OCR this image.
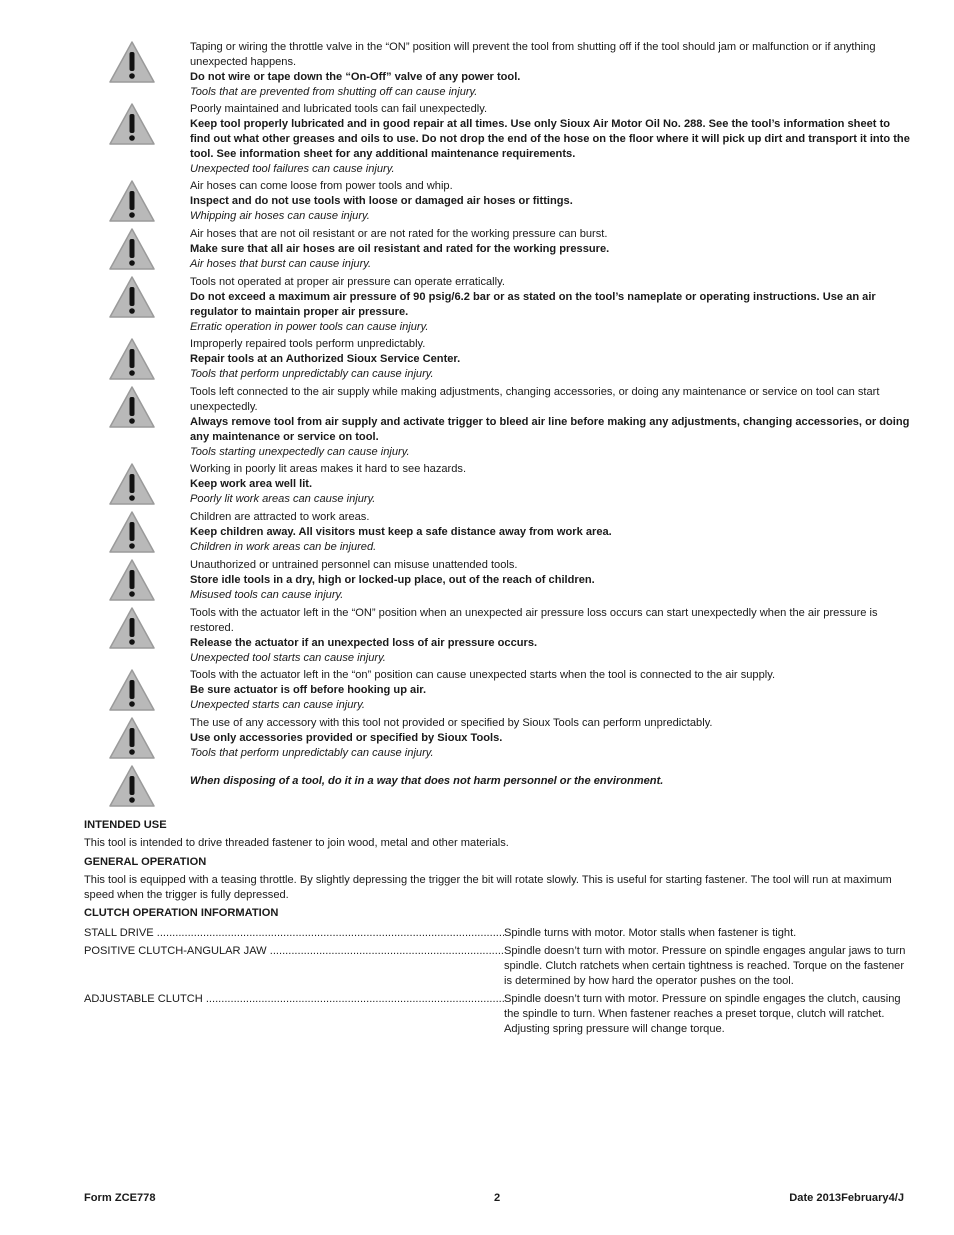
Taping or wiring the throttle valve in the “ON” position will prevent the tool from shutting off if the tool should jam or malfunction or if anything unexpected happens.
Do not wire or tape down the “On-Off” valve of any power tool.
Tools that are prevented from shutting off can cause injury.
Poorly maintained and lubricated tools can fail unexpectedly.
Keep tool properly lubricated and in good repair at all times. Use only Sioux Air Motor Oil No. 288. See the tool’s information sheet to find out what other greases and oils to use. Do not drop the end of the hose on the floor where it will pick up dirt and transport it into the tool. See information sheet for any additional maintenance requirements.
Unexpected tool failures can cause injury.
Air hoses can come loose from power tools and whip.
Inspect and do not use tools with loose or damaged air hoses or fittings.
Whipping air hoses can cause injury.
Air hoses that are not oil resistant or are not rated for the working pressure can burst.
Make sure that all air hoses are oil resistant and rated for the working pressure.
Air hoses that burst can cause injury.
Tools not operated at proper air pressure can operate erratically.
Do not exceed a maximum air pressure of 90 psig/6.2 bar or as stated on the tool’s nameplate or operating instructions. Use an air regulator to maintain proper air pressure.
Erratic operation in power tools can cause injury.
Improperly repaired tools perform unpredictably.
Repair tools at an Authorized Sioux Service Center.
Tools that perform unpredictably can cause injury.
Tools left connected to the air supply while making adjustments, changing accessories, or doing any maintenance or service on tool can start unexpectedly.
Always remove tool from air supply and activate trigger to bleed air line before making any adjustments, changing accessories, or doing any maintenance or service on tool.
Tools starting unexpectedly can cause injury.
Working in poorly lit areas makes it hard to see hazards.
Keep work area well lit.
Poorly lit work areas can cause injury.
Children are attracted to work areas.
Keep children away. All visitors must keep a safe distance away from work area.
Children in work areas can be injured.
Unauthorized or untrained personnel can misuse unattended tools.
Store idle tools in a dry, high or locked-up place, out of the reach of children.
Misused tools can cause injury.
Tools with the actuator left in the “ON” position when an unexpected air pressure loss occurs can start unexpectedly when the air pressure is restored.
Release the actuator if an unexpected loss of air pressure occurs.
Unexpected tool starts can cause injury.
Tools with the actuator left in the “on” position can cause unexpected starts when the tool is connected to the air supply.
Be sure actuator is off before hooking up air.
Unexpected starts can cause injury.
The use of any accessory with this tool not provided or specified by Sioux Tools can perform unpredictably.
Use only accessories provided or specified by Sioux Tools.
Tools that perform unpredictably can cause injury.
When disposing of a tool, do it in a way that does not harm personnel or the environment.
INTENDED USE
This tool is intended to drive threaded fastener to join wood, metal and other materials.
GENERAL OPERATION
This tool is equipped with a teasing throttle. By slightly depressing the trigger the bit will rotate slowly. This is useful for starting fastener. The tool will run at maximum speed when the trigger is fully depressed.
CLUTCH OPERATION INFORMATION
STALL DRIVE .....	Spindle turns with motor. Motor stalls when fastener is tight.
POSITIVE CLUTCH-ANGULAR JAW .....	Spindle doesn’t turn with motor. Pressure on spindle engages angular jaws to turn spindle. Clutch ratchets when certain tightness is reached. Torque on the fastener is determined by how hard the operator pushes on the tool.
ADJUSTABLE CLUTCH .....	Spindle doesn’t turn with motor. Pressure on spindle engages the clutch, causing the spindle to turn. When fastener reaches a preset torque, clutch will ratchet. Adjusting spring pressure will change torque.
Form ZCE778	2	Date 2013February4/J
